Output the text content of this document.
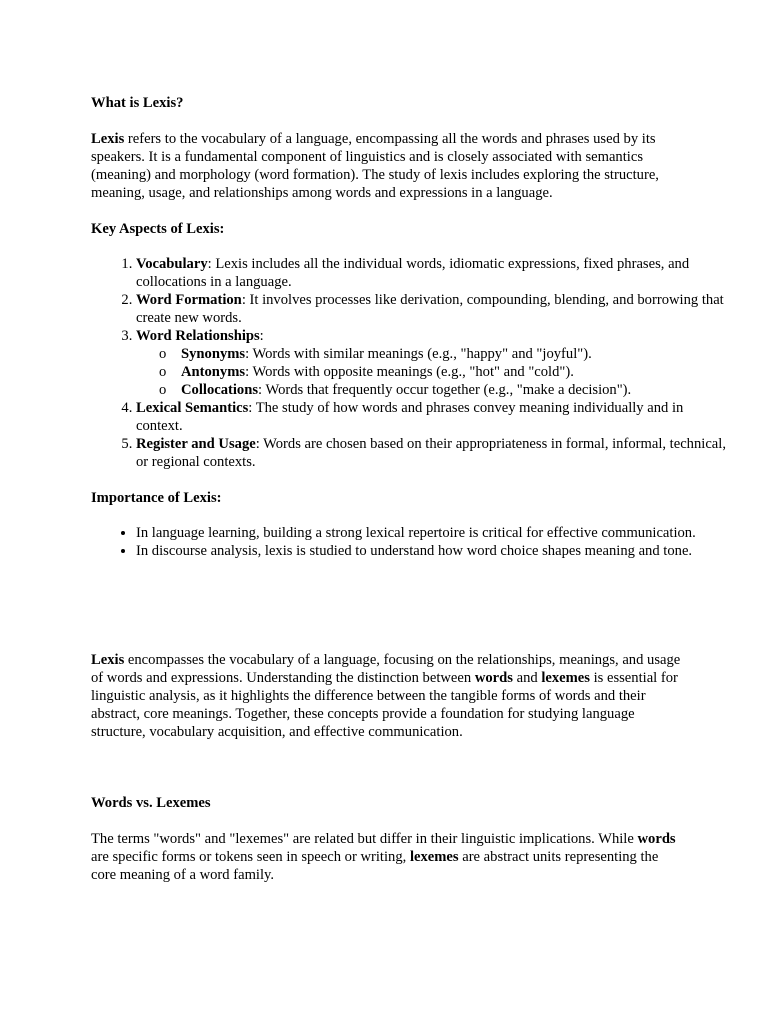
What is Lexis?

Lexis refers to the vocabulary of a language, encompassing all the words and phrases used by its speakers. It is a fundamental component of linguistics and is closely associated with semantics (meaning) and morphology (word formation). The study of lexis includes exploring the structure, meaning, usage, and relationships among words and expressions in a language.

Key Aspects of Lexis:
1. Vocabulary: Lexis includes all the individual words, idiomatic expressions, fixed phrases, and collocations in a language.
2. Word Formation: It involves processes like derivation, compounding, blending, and borrowing that create new words.
3. Word Relationships:
o Synonyms: Words with similar meanings (e.g., "happy" and "joyful").
o Antonyms: Words with opposite meanings (e.g., "hot" and "cold").
o Collocations: Words that frequently occur together (e.g., "make a decision").
4. Lexical Semantics: The study of how words and phrases convey meaning individually and in context.
5. Register and Usage: Words are chosen based on their appropriateness in formal, informal, technical, or regional contexts.
Importance of Lexis:
• In language learning, building a strong lexical repertoire is critical for effective communication.
• In discourse analysis, lexis is studied to understand how word choice shapes meaning and tone.

Lexis encompasses the vocabulary of a language, focusing on the relationships, meanings, and usage of words and expressions. Understanding the distinction between words and lexemes is essential for linguistic analysis, as it highlights the difference between the tangible forms of words and their abstract, core meanings. Together, these concepts provide a foundation for studying language structure, vocabulary acquisition, and effective communication.

Words vs. Lexemes

The terms "words" and "lexemes" are related but differ in their linguistic implications. While words are specific forms or tokens seen in speech or writing, lexemes are abstract units representing the core meaning of a word family.
